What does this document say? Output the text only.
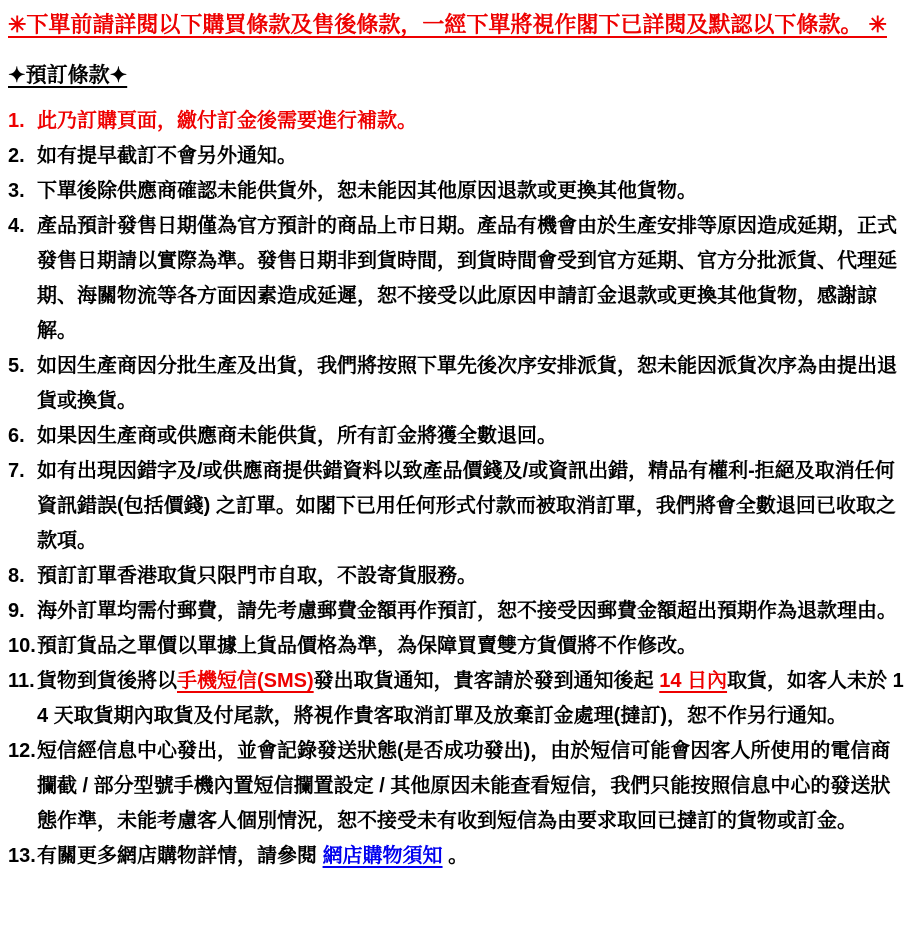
✳下單前請詳閱以下購買條款及售後條款，一經下單將視作閣下已詳閱及默認以下條款。 ✳
✦預訂條款✦
1. 此乃訂購頁面，繳付訂金後需要進行補款。
2. 如有提早截訂不會另外通知。
3. 下單後除供應商確認未能供貨外，恕未能因其他原因退款或更換其他貨物。
4. 產品預計發售日期僅為官方預計的商品上市日期。產品有機會由於生產安排等原因造成延期，正式發售日期請以實際為準。發售日期非到貨時間，到貨時間會受到官方延期、官方分批派貨、代理延期、海關物流等各方面因素造成延遲，恕不接受以此原因申請訂金退款或更換其他貨物，感謝諒解。
5. 如因生產商因分批生產及出貨，我們將按照下單先後次序安排派貨，恕未能因派貨次序為由提出退貨或換貨。
6. 如果因生產商或供應商未能供貨，所有訂金將獲全數退回。
7. 如有出現因錯字及/或供應商提供錯資料以致產品價錢及/或資訊出錯，精品有權利-拒絕及取消任何資訊錯誤(包括價錢) 之訂單。如閣下已用任何形式付款而被取消訂單，我們將會全數退回已收取之款項。
8. 預訂訂單香港取貨只限門市自取，不設寄貨服務。
9. 海外訂單均需付郵費，請先考慮郵費金額再作預訂，恕不接受因郵費金額超出預期作為退款理由。
10. 預訂貨品之單價以單據上貨品價格為準，為保障買賣雙方貨價將不作修改。
11. 貨物到貨後將以手機短信(SMS)發出取貨通知，貴客請於發到通知後起 14 日內取貨，如客人未於 14 天取貨期內取貨及付尾款，將視作貴客取消訂單及放棄訂金處理(撻訂)，恕不作另行通知。
12. 短信經信息中心發出，並會記錄發送狀態(是否成功發出)，由於短信可能會因客人所使用的電信商攔截 / 部分型號手機內置短信攔置設定 / 其他原因未能查看短信，我們只能按照信息中心的發送狀態作準，未能考慮客人個別情況，恕不接受未有收到短信為由要求取回已撻訂的貨物或訂金。
13. 有關更多網店購物詳情，請參閱 網店購物須知 。
